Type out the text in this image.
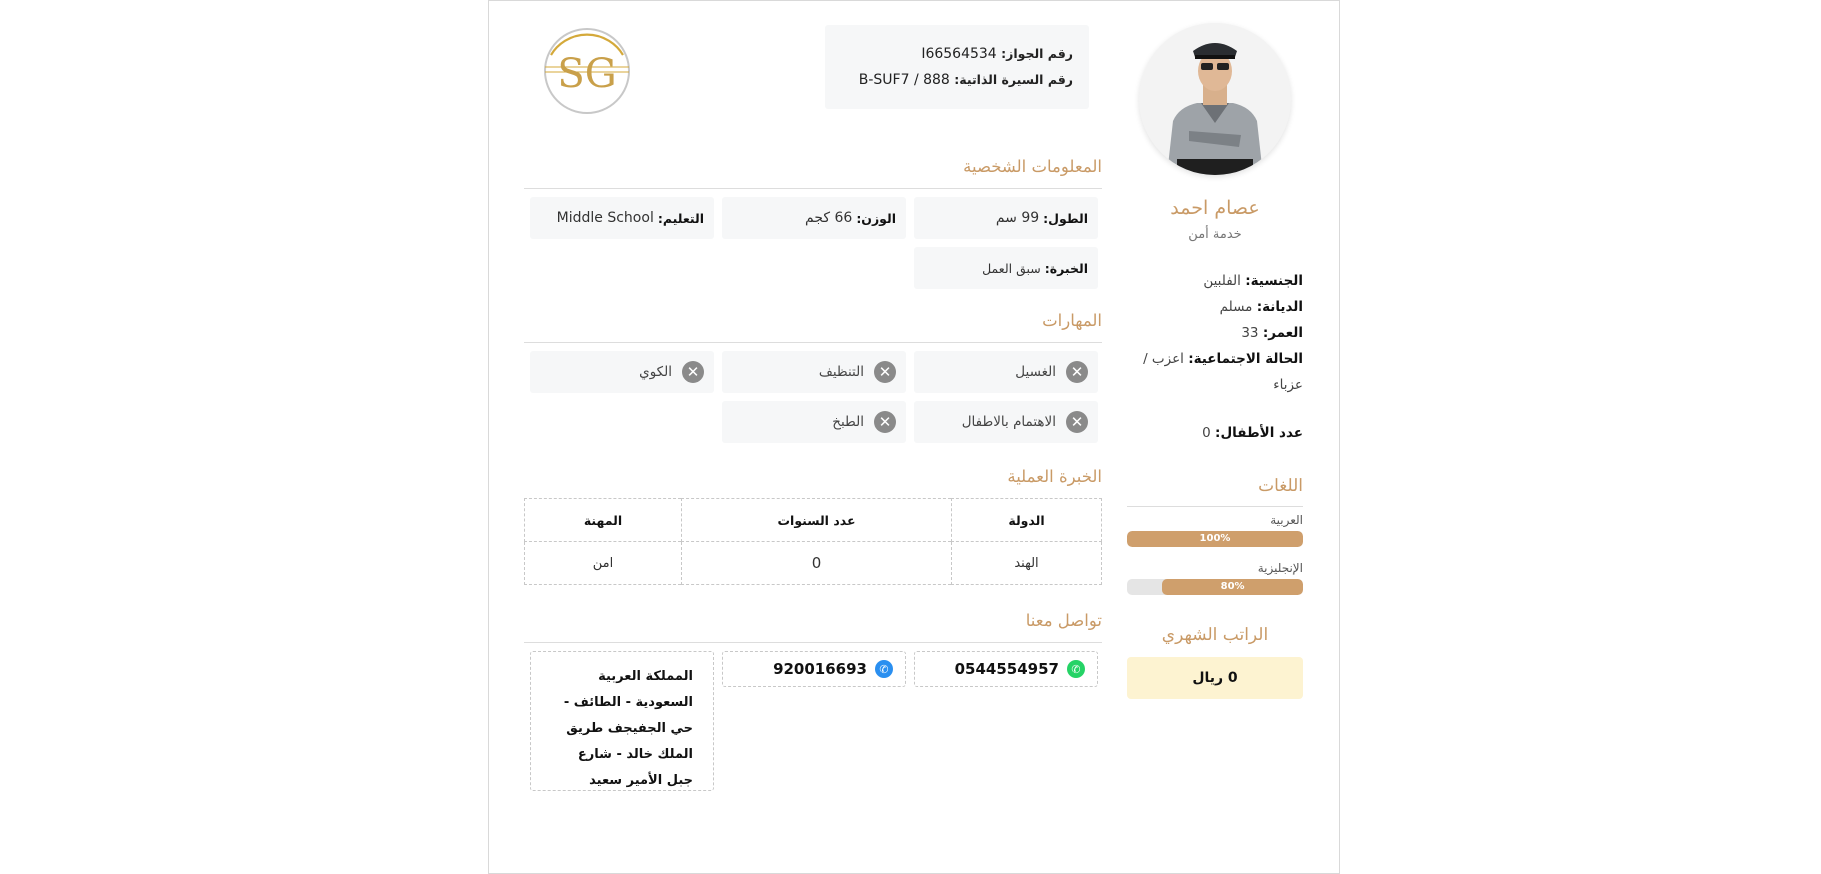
SG	رقم الجواز: I66564534
رقم السيرة الذاتية: B-SUF7 / 888
عصام احمد
خدمة أمن
الجنسية: الفلبين
الديانة: مسلم
العمر: 33
الحالة الاجتماعية: اعزب / عزباء
عدد الأطفال: 0
اللغات
العربية
100%
الإنجليزية
80%
الراتب الشهري
0 ريال
المعلومات الشخصية
الطول:
99 سم
الوزن:
66 كجم
التعليم:
Middle School
الخبرة:
سبق العمل
المهارات
✕
الغسيل
✕
التنظيف
✕
الكوي
✕
الاهتمام بالاطفال
✕
الطبخ
الخبرة العملية
الدولة	عدد السنوات	المهنة
الهند	0	امن
تواصل معنا
✆
0544554957
✆
920016693
المملكة العربية السعودية - الطائف - حي الجفيجف طريق الملك خالد - شارع جبل الأمير سعيد
